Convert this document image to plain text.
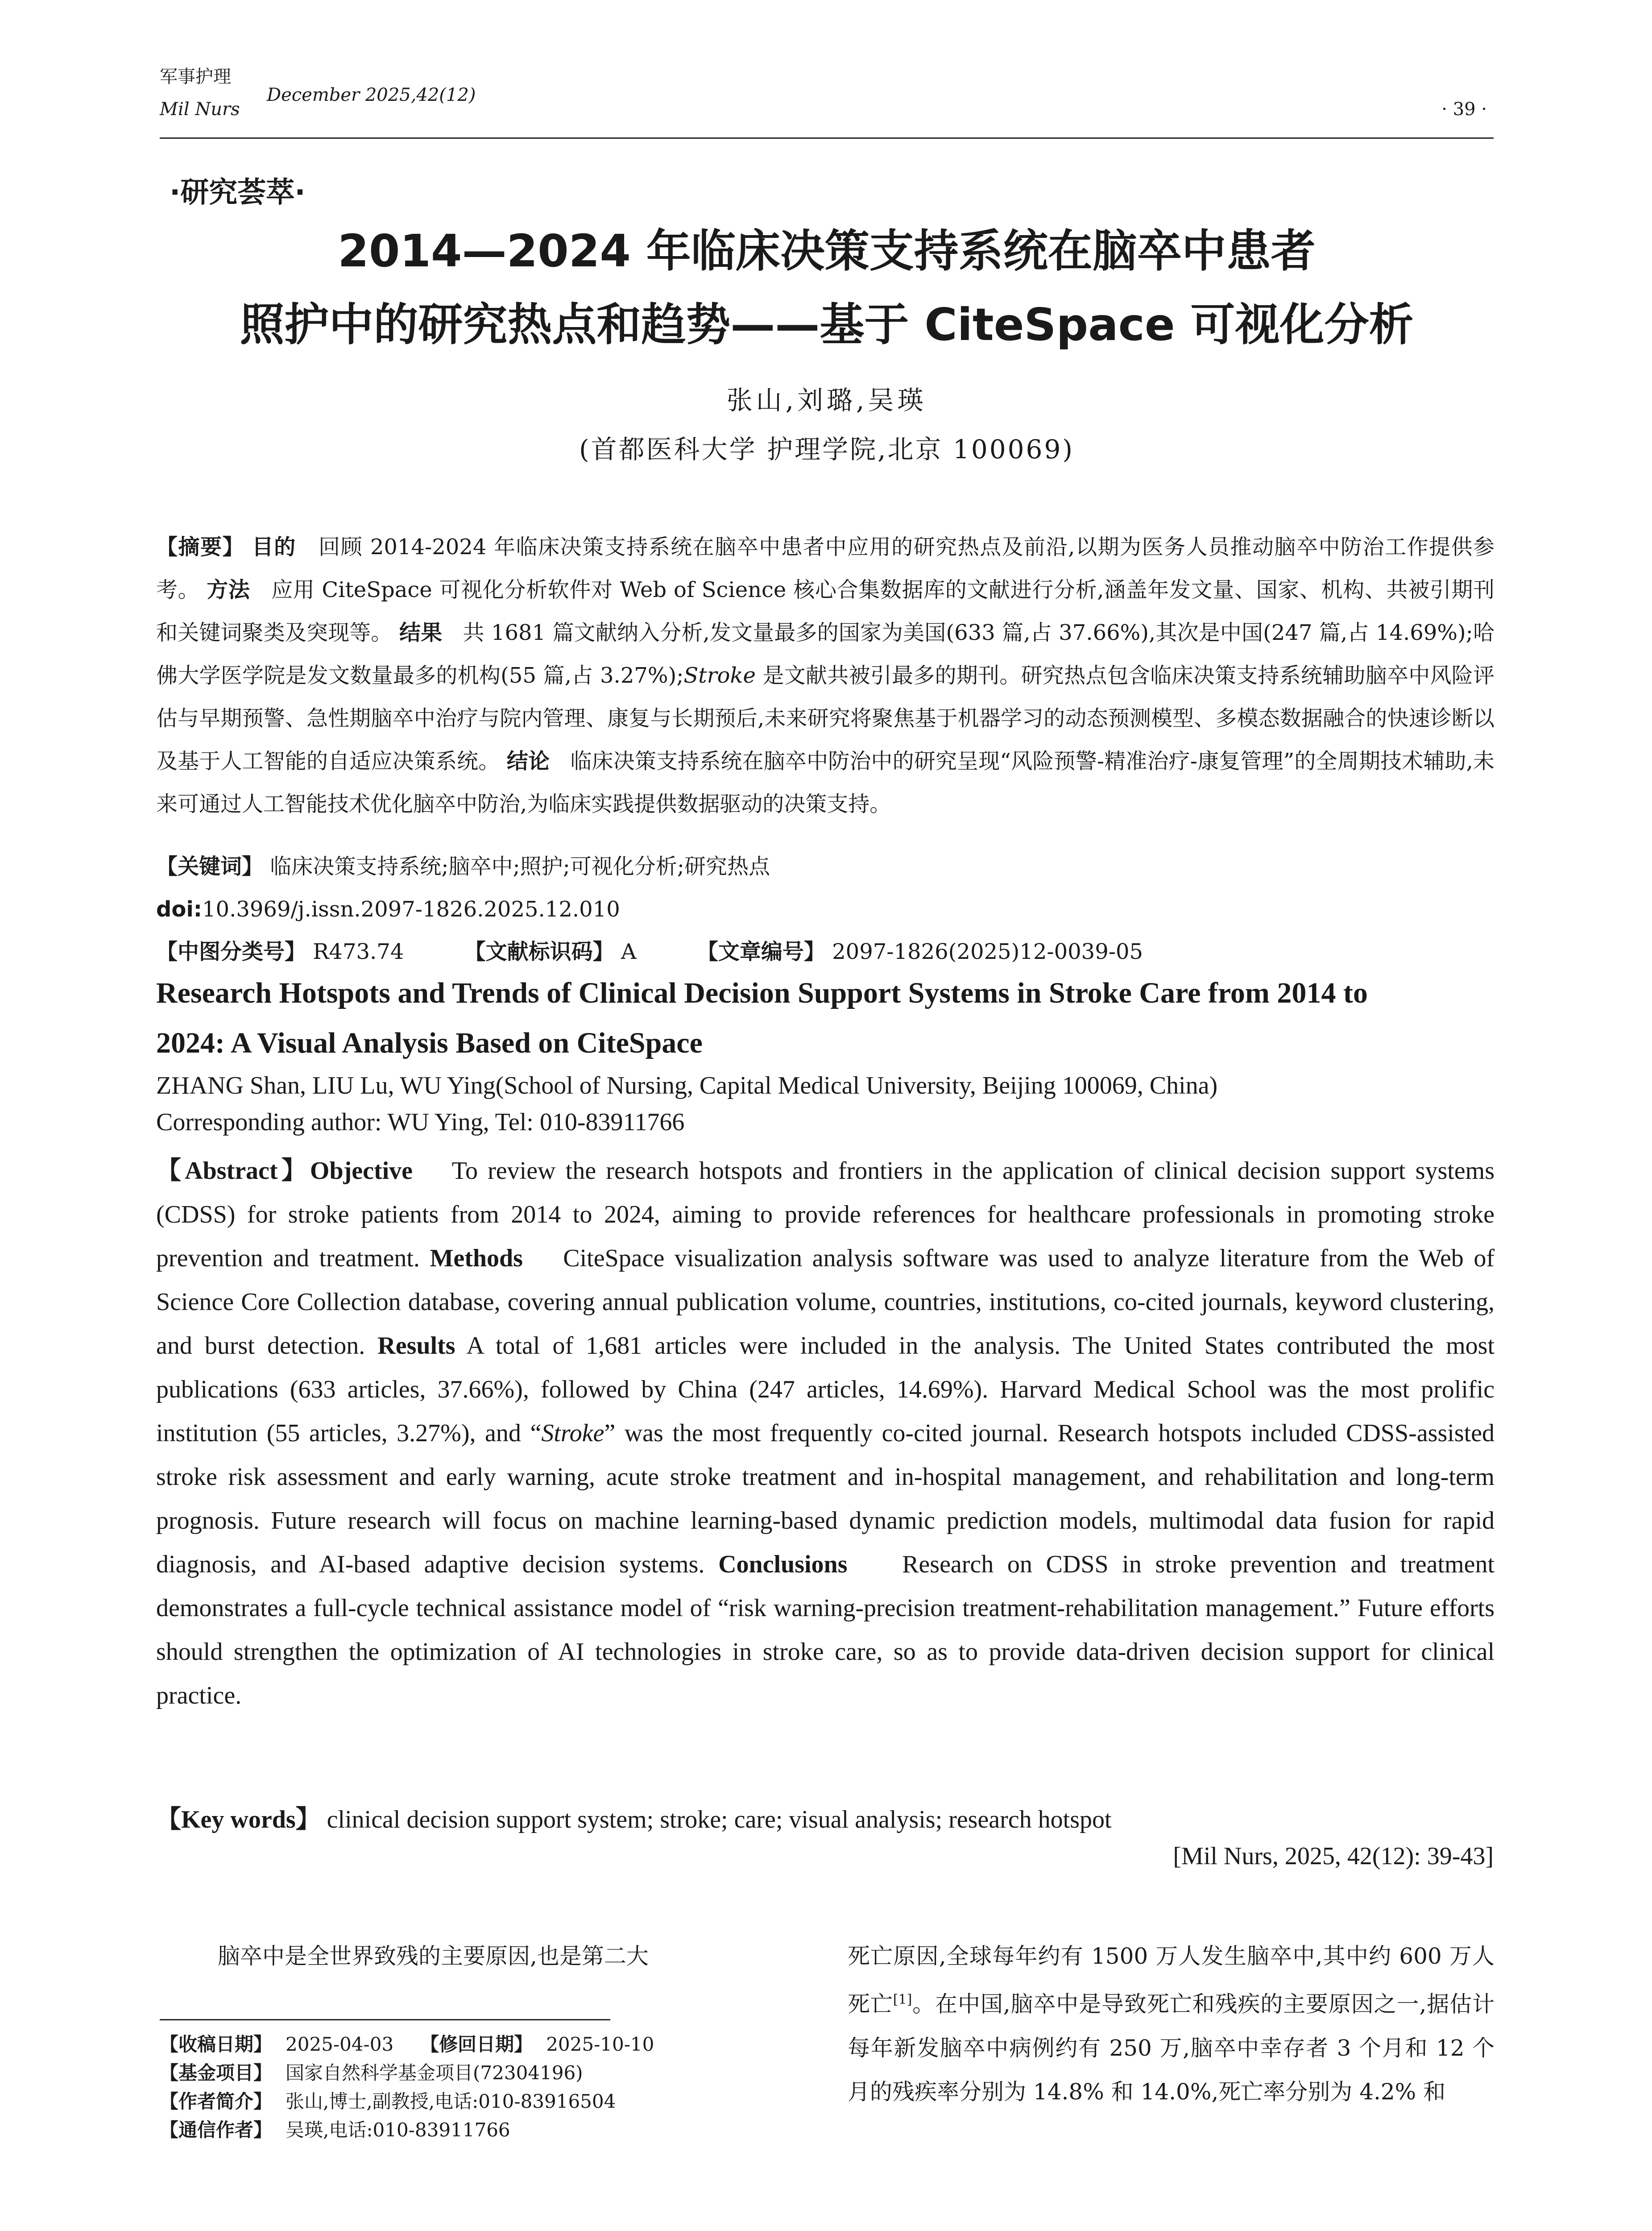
军事护理
Mil Nurs
December 2025,42(12)
· 39 ·
·研究荟萃·
2014—2024 年临床决策支持系统在脑卒中患者
照护中的研究热点和趋势——基于 CiteSpace 可视化分析
张山,刘璐,吴瑛
(首都医科大学 护理学院,北京 100069)
【摘要】 目的 回顾 2014-2024 年临床决策支持系统在脑卒中患者中应用的研究热点及前沿,以期为医务人员推动脑卒中防治工作提供参考。 方法 应用 CiteSpace 可视化分析软件对 Web of Science 核心合集数据库的文献进行分析,涵盖年发文量、国家、机构、共被引期刊和关键词聚类及突现等。 结果 共 1681 篇文献纳入分析,发文量最多的国家为美国(633 篇,占 37.66%),其次是中国(247 篇,占 14.69%);哈佛大学医学院是发文数量最多的机构(55 篇,占 3.27%);Stroke 是文献共被引最多的期刊。研究热点包含临床决策支持系统辅助脑卒中风险评估与早期预警、急性期脑卒中治疗与院内管理、康复与长期预后,未来研究将聚焦基于机器学习的动态预测模型、多模态数据融合的快速诊断以及基于人工智能的自适应决策系统。 结论 临床决策支持系统在脑卒中防治中的研究呈现“风险预警-精准治疗-康复管理”的全周期技术辅助,未来可通过人工智能技术优化脑卒中防治,为临床实践提供数据驱动的决策支持。
【关键词】 临床决策支持系统;脑卒中;照护;可视化分析;研究热点
doi:10.3969/j.issn.2097-1826.2025.12.010
【中图分类号】 R473.74	【文献标识码】 A	【文章编号】 2097-1826(2025)12-0039-05
Research Hotspots and Trends of Clinical Decision Support Systems in Stroke Care from 2014 to
2024: A Visual Analysis Based on CiteSpace
ZHANG Shan, LIU Lu, WU Ying(School of Nursing, Capital Medical University, Beijing 100069, China)
Corresponding author: WU Ying, Tel: 010-83911766
【Abstract】Objective To review the research hotspots and frontiers in the application of clinical decision support systems (CDSS) for stroke patients from 2014 to 2024, aiming to provide references for healthcare professionals in promoting stroke prevention and treatment. Methods CiteSpace visualization analysis software was used to analyze literature from the Web of Science Core Collection database, covering annual publication volume, countries, institutions, co-cited journals, keyword clustering, and burst detection. Results A total of 1,681 articles were included in the analysis. The United States contributed the most publications (633 articles, 37.66%), followed by China (247 articles, 14.69%). Harvard Medical School was the most prolific institution (55 articles, 3.27%), and “Stroke” was the most frequently co-cited journal. Research hotspots included CDSS-assisted stroke risk assessment and early warning, acute stroke treatment and in-hospital management, and rehabilitation and long-term prognosis. Future research will focus on machine learning-based dynamic prediction models, multimodal data fusion for rapid diagnosis, and AI-based adaptive decision systems. Conclusions Research on CDSS in stroke prevention and treatment demonstrates a full-cycle technical assistance model of “risk warning-precision treatment-rehabilitation management.” Future efforts should strengthen the optimization of AI technologies in stroke care, so as to provide data-driven decision support for clinical practice.
【Key words】 clinical decision support system; stroke; care; visual analysis; research hotspot
[Mil Nurs, 2025, 42(12): 39-43]
脑卒中是全世界致残的主要原因,也是第二大
【收稿日期】 2025-04-03 【修回日期】 2025-10-10
【基金项目】 国家自然科学基金项目(72304196)
【作者简介】 张山,博士,副教授,电话:010-83916504
【通信作者】 吴瑛,电话:010-83911766
死亡原因,全球每年约有 1500 万人发生脑卒中,其中约 600 万人死亡[1]。在中国,脑卒中是导致死亡和残疾的主要原因之一,据估计每年新发脑卒中病例约有 250 万,脑卒中幸存者 3 个月和 12 个月的残疾率分别为 14.8% 和 14.0%,死亡率分别为 4.2% 和
